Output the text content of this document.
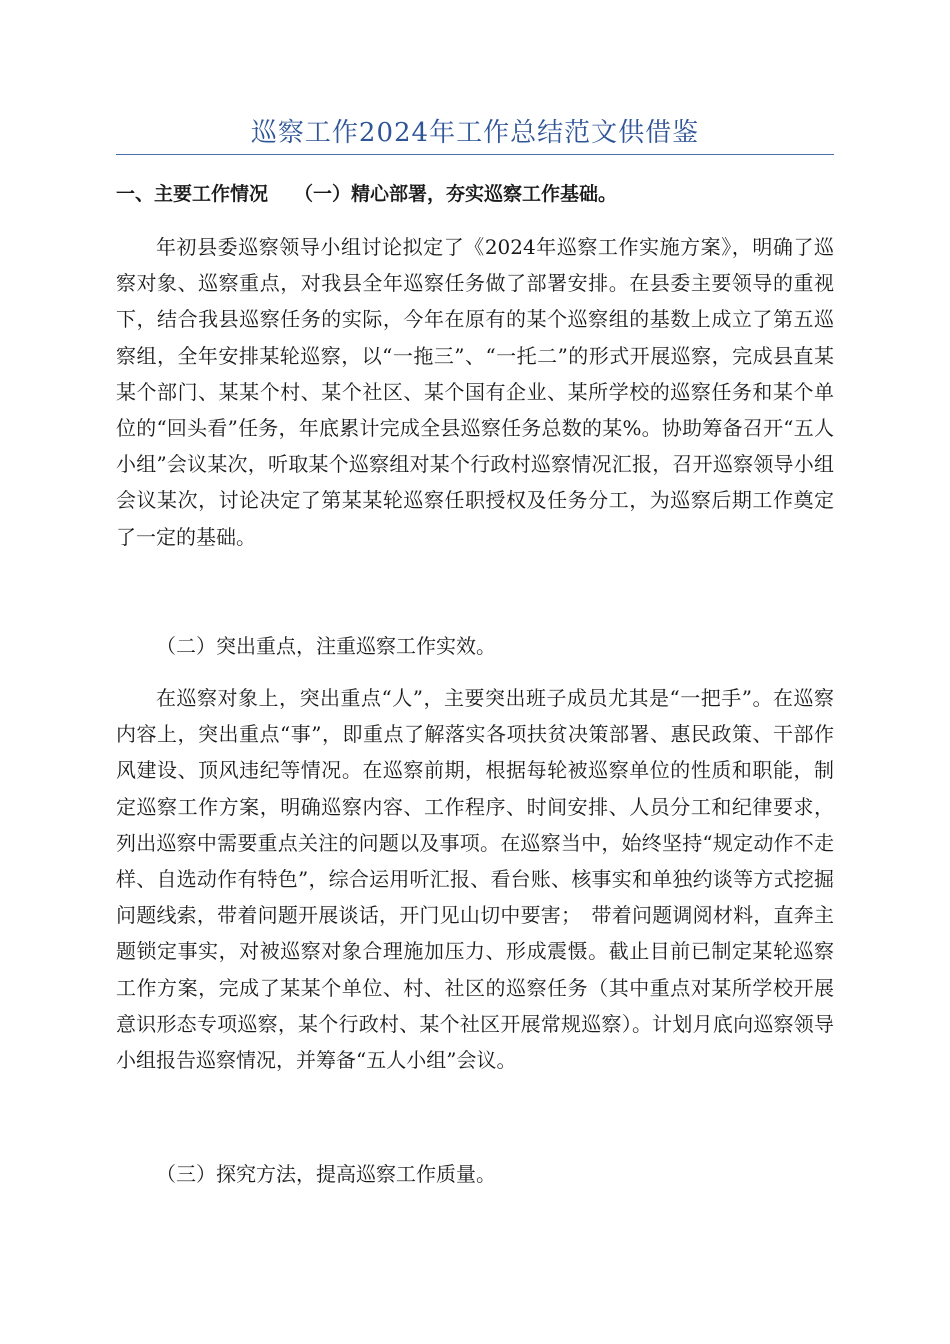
巡察工作2024年工作总结范文供借鉴
一、主要工作情况 （一）精心部署，夯实巡察工作基础。

年初县委巡察领导小组讨论拟定了《2024年巡察工作实施方案》，明确了巡察对象、巡察重点，对我县全年巡察任务做了部署安排。在县委主要领导的重视下，结合我县巡察任务的实际，今年在原有的某个巡察组的基数上成立了第五巡察组，全年安排某轮巡察，以“一拖三”、“一托二”的形式开展巡察，完成县直某某个部门、某某个村、某个社区、某个国有企业、某所学校的巡察任务和某个单位的“回头看”任务，年底累计完成全县巡察任务总数的某%。协助筹备召开“五人小组”会议某次，听取某个巡察组对某个行政村巡察情况汇报，召开巡察领导小组会议某次，讨论决定了第某某轮巡察任职授权及任务分工，为巡察后期工作奠定了一定的基础。

（二）突出重点，注重巡察工作实效。

在巡察对象上，突出重点“人”，主要突出班子成员尤其是“一把手”。在巡察内容上，突出重点“事”，即重点了解落实各项扶贫决策部署、惠民政策、干部作风建设、顶风违纪等情况。在巡察前期，根据每轮被巡察单位的性质和职能，制定巡察工作方案，明确巡察内容、工作程序、时间安排、人员分工和纪律要求，列出巡察中需要重点关注的问题以及事项。在巡察当中，始终坚持“规定动作不走样、自选动作有特色”，综合运用听汇报、看台账、核事实和单独约谈等方式挖掘问题线索，带着问题开展谈话，开门见山切中要害；　带着问题调阅材料，直奔主题锁定事实，对被巡察对象合理施加压力、形成震慑。截止目前已制定某轮巡察工作方案，完成了某某个单位、村、社区的巡察任务（其中重点对某所学校开展意识形态专项巡察，某个行政村、某个社区开展常规巡察）。计划月底向巡察领导小组报告巡察情况，并筹备“五人小组”会议。

（三）探究方法，提高巡察工作质量。
